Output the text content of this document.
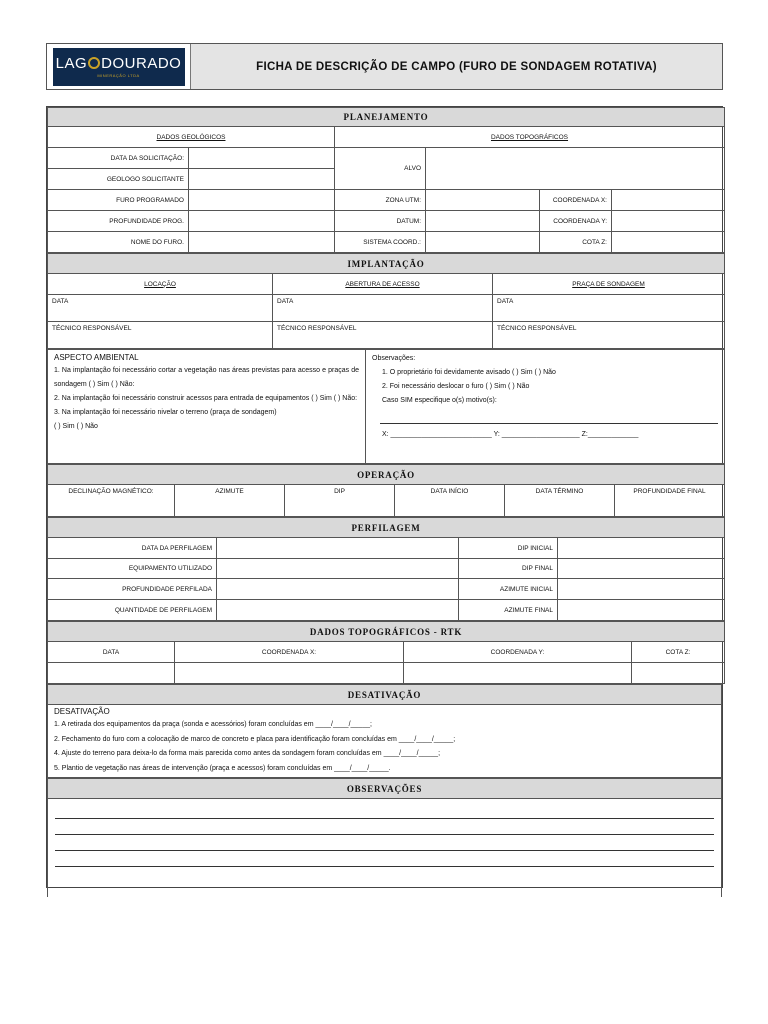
LAG DOURADO
MINERAÇÃO LTDA
FICHA DE DESCRIÇÃO DE CAMPO (FURO DE SONDAGEM ROTATIVA)
PLANEJAMENTO					
DADOS GEOLÓGICOS		DADOS TOPOGRÁFICOS			
DATA DA SOLICITAÇÃO:		ALVO			
GEOLOGO SOLICITANTE					
FURO PROGRAMADO		ZONA UTM:		COORDENADA X:	
PROFUNDIDADE PROG.		DATUM:		COORDENADA Y:	
NOME DO FURO.		SISTEMA COORD.:		COTA Z:	
IMPLANTAÇÃO		
LOCAÇÃO	ABERTURA DE ACESSO	PRAÇA DE SONDAGEM
DATA	DATA	DATA
TÉCNICO RESPONSÁVEL	TÉCNICO RESPONSÁVEL	TÉCNICO RESPONSÁVEL
ASPECTO AMBIENTAL
1. Na implantação foi necessário cortar a vegetação nas áreas previstas para acesso e praças de sondagem ( ) Sim ( ) Não:
2. Na implantação foi necessário construir acessos para entrada de equipamentos ( ) Sim ( ) Não:
3. Na implantação foi necessário nivelar o terreno (praça de sondagem)
( ) Sim ( ) Não

Observações:
1. O proprietário foi devidamente avisado ( ) Sim ( ) Não
2. Foi necessário deslocar o furo ( ) Sim ( ) Não
Caso SIM especifique o(s) motivo(s):
X: __________________________ Y: ____________________ Z:_____________
OPERAÇÃO
DECLINAÇÃO MAGNÉTICO:	AZIMUTE	DIP	DATA INÍCIO	DATA TÉRMINO	PROFUNDIDADE FINAL
PERFILAGEM			
DATA DA PERFILAGEM		DIP INICIAL	
EQUIPAMENTO UTILIZADO		DIP FINAL	
PROFUNDIDADE PERFILADA		AZIMUTE INICIAL	
QUANTIDADE DE PERFILAGEM		AZIMUTE FINAL	
DADOS TOPOGRÁFICOS - RTK			
DATA	COORDENADA X:	COORDENADA Y:	COTA Z:

DESATIVAÇÃO

DESATIVAÇÃO
1. A retirada dos equipamentos da praça (sonda e acessórios) foram concluídas em ____/____/_____;
2. Fechamento do furo com a colocação de marco de concreto e placa para identificação foram concluídas em ____/____/_____;
4. Ajuste do terreno para deixa-lo da forma mais parecida como antes da sondagem foram concluídas em ____/____/_____;
5. Plantio de vegetação nas áreas de intervenção (praça e acessos) foram concluídas em ____/____/_____.
OBSERVAÇÕES
